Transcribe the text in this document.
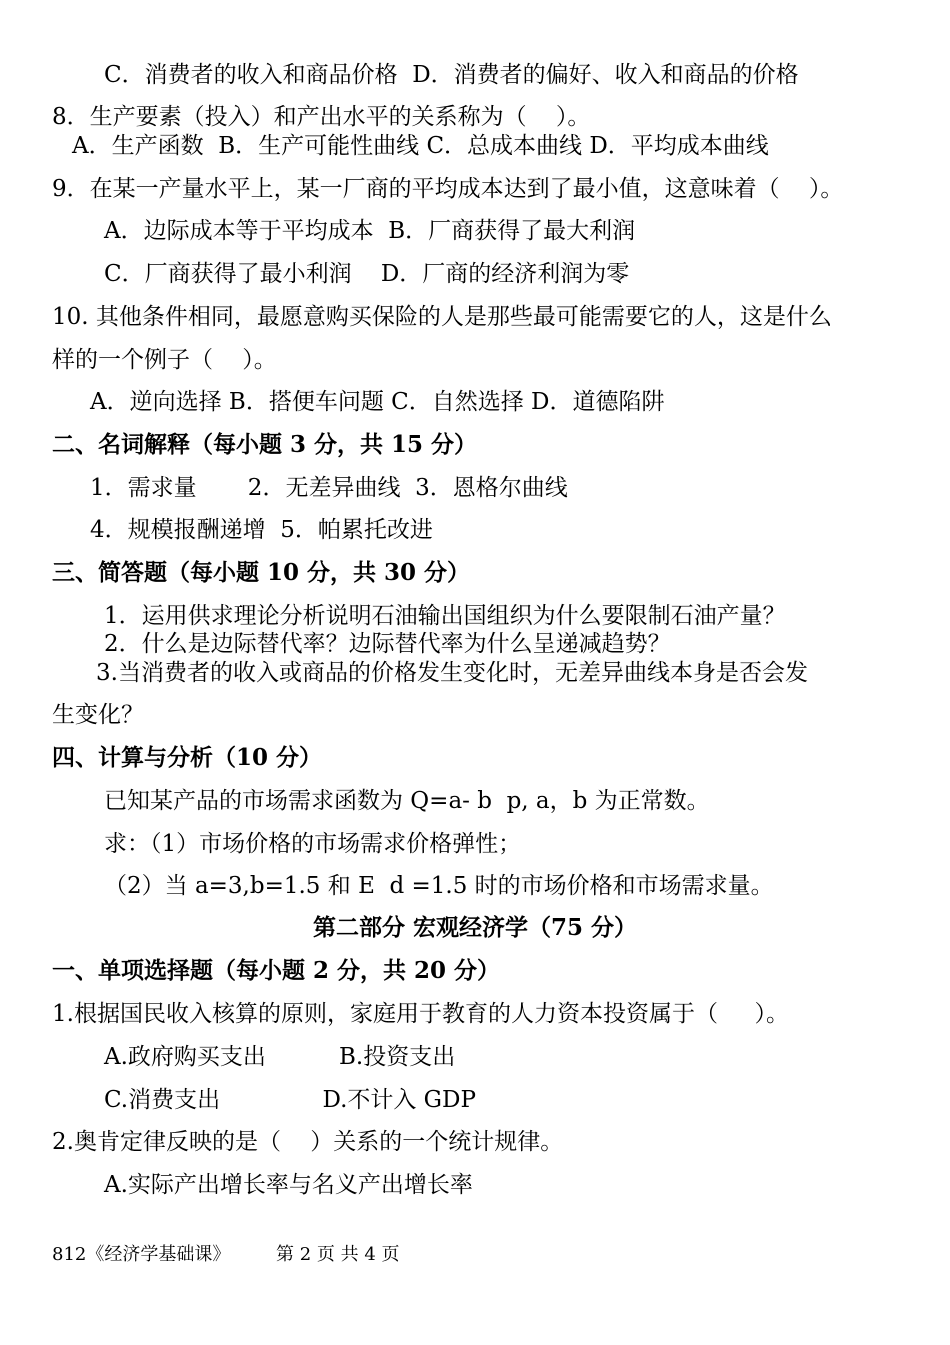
C．消费者的收入和商品价格  D．消费者的偏好、收入和商品的价格
8．生产要素（投入）和产出水平的关系称为（    ）。
A．生产函数  B．生产可能性曲线 C．总成本曲线 D．平均成本曲线
9．在某一产量水平上，某一厂商的平均成本达到了最小值，这意味着（    ）。
A．边际成本等于平均成本  B．厂商获得了最大利润
C．厂商获得了最小利润    D．厂商的经济利润为零
10. 其他条件相同，最愿意购买保险的人是那些最可能需要它的人，这是什么
样的一个例子（    ）。
A．逆向选择 B．搭便车问题 C．自然选择 D．道德陷阱
二、名词解释（每小题 3 分，共 15 分）
1．需求量       2．无差异曲线  3．恩格尔曲线
4．规模报酬递增  5．帕累托改进
三、简答题（每小题 10 分，共 30 分）
1．运用供求理论分析说明石油输出国组织为什么要限制石油产量？
2．什么是边际替代率？边际替代率为什么呈递减趋势？
3.当消费者的收入或商品的价格发生变化时，无差异曲线本身是否会发
生变化？
四、计算与分析（10 分）
已知某产品的市场需求函数为 Q=a- b  p, a，b 为正常数。
求：（1）市场价格的市场需求价格弹性；
（2）当 a=3,b=1.5 和 E  d =1.5 时的市场价格和市场需求量。
第二部分 宏观经济学（75 分）
一、单项选择题（每小题 2 分，共 20 分）
1.根据国民收入核算的原则，家庭用于教育的人力资本投资属于（     ）。
A.政府购买支出          B.投资支出
C.消费支出              D.不计入 GDP
2.奥肯定律反映的是（    ）关系的一个统计规律。
A.实际产出增长率与名义产出增长率
812《经济学基础课》	第 2 页 共 4 页
